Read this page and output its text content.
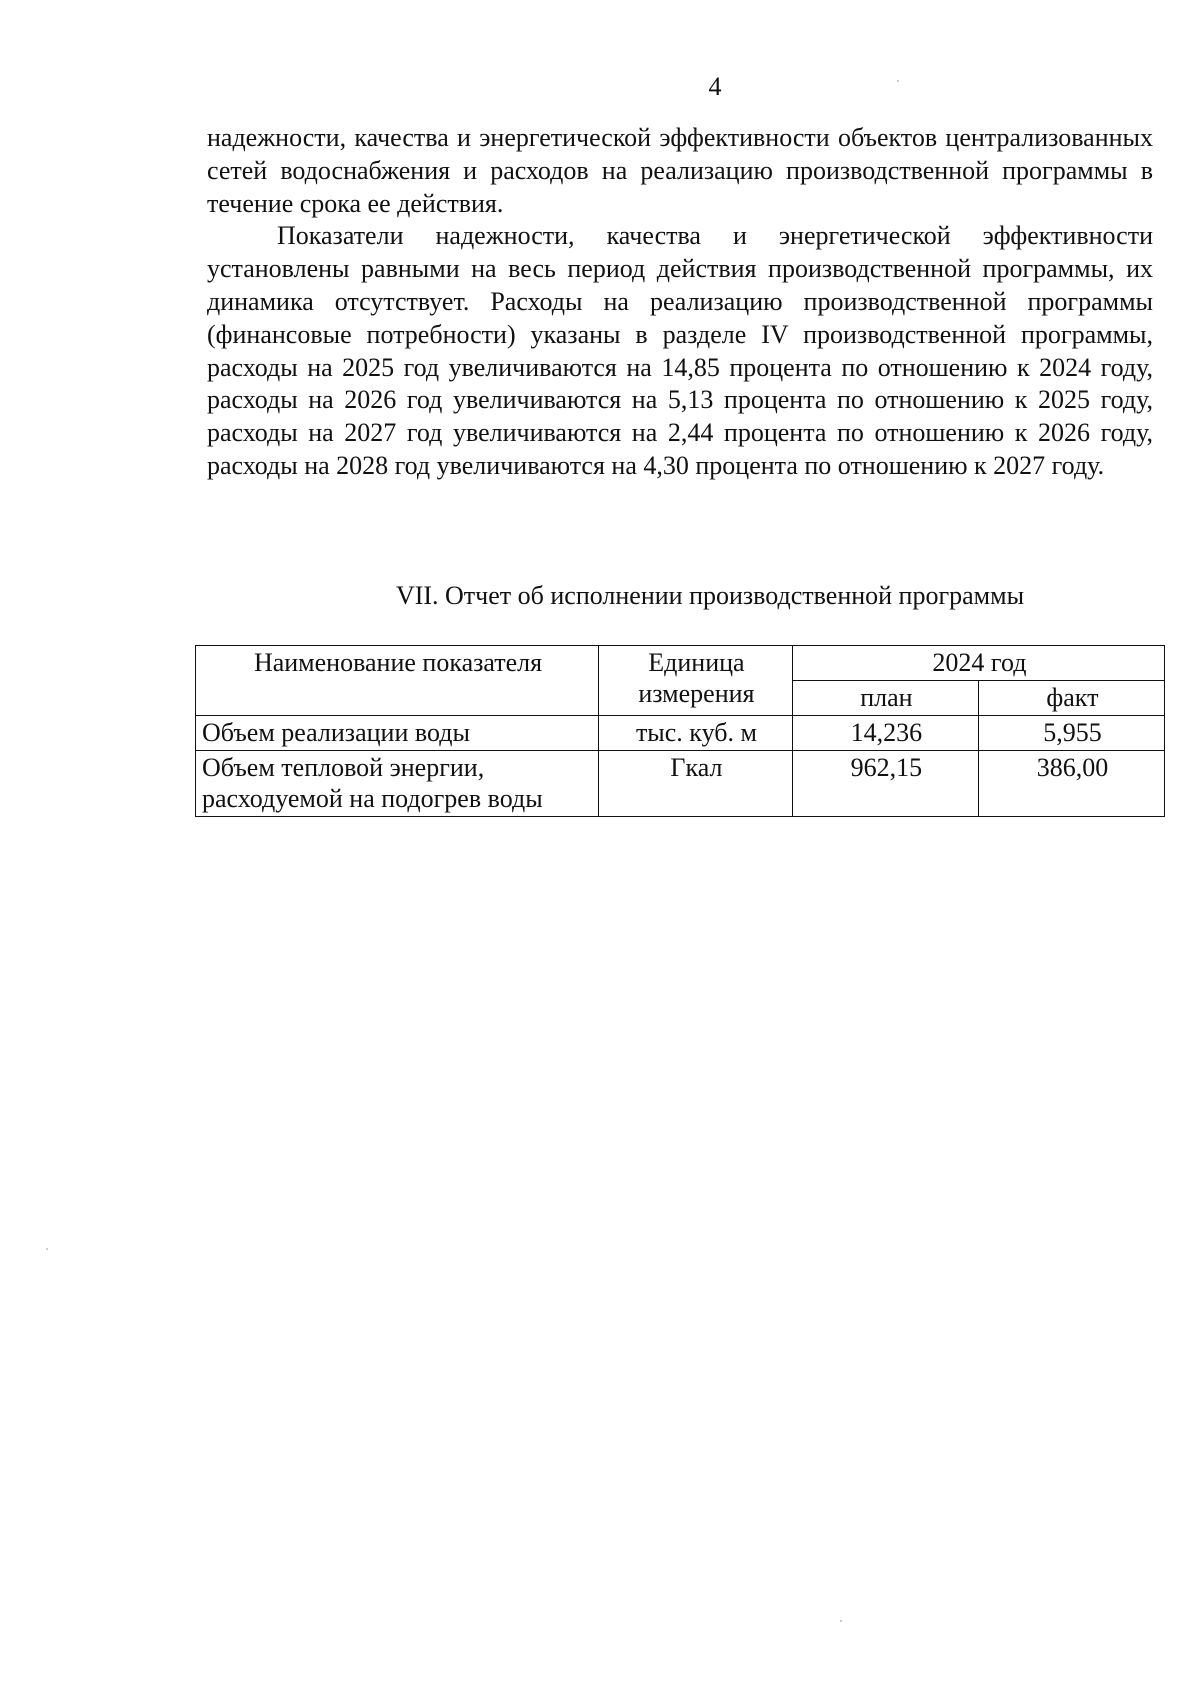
4

надежности, качества и энергетической эффективности объектов централизованных сетей водоснабжения и расходов на реализацию производственной программы в течение срока ее действия.

Показатели надежности, качества и энергетической эффективности установлены равными на весь период действия производственной программы, их динамика отсутствует. Расходы на реализацию производственной программы (финансовые потребности) указаны в разделе IV производственной программы, расходы на 2025 год увеличиваются на 14,85 процента по отношению к 2024 году, расходы на 2026 год увеличиваются на 5,13 процента по отношению к 2025 году, расходы на 2027 год увеличиваются на 2,44 процента по отношению к 2026 году, расходы на 2028 год увеличиваются на 4,30 процента по отношению к 2027 году.

VII. Отчет об исполнении производственной программы
Наименование показателя	Единица измерения	2024 год	
		план	факт
Объем реализации воды	тыс. куб. м	14,236	5,955
Объем тепловой энергии, расходуемой на подогрев воды	Гкал	962,15	386,00
